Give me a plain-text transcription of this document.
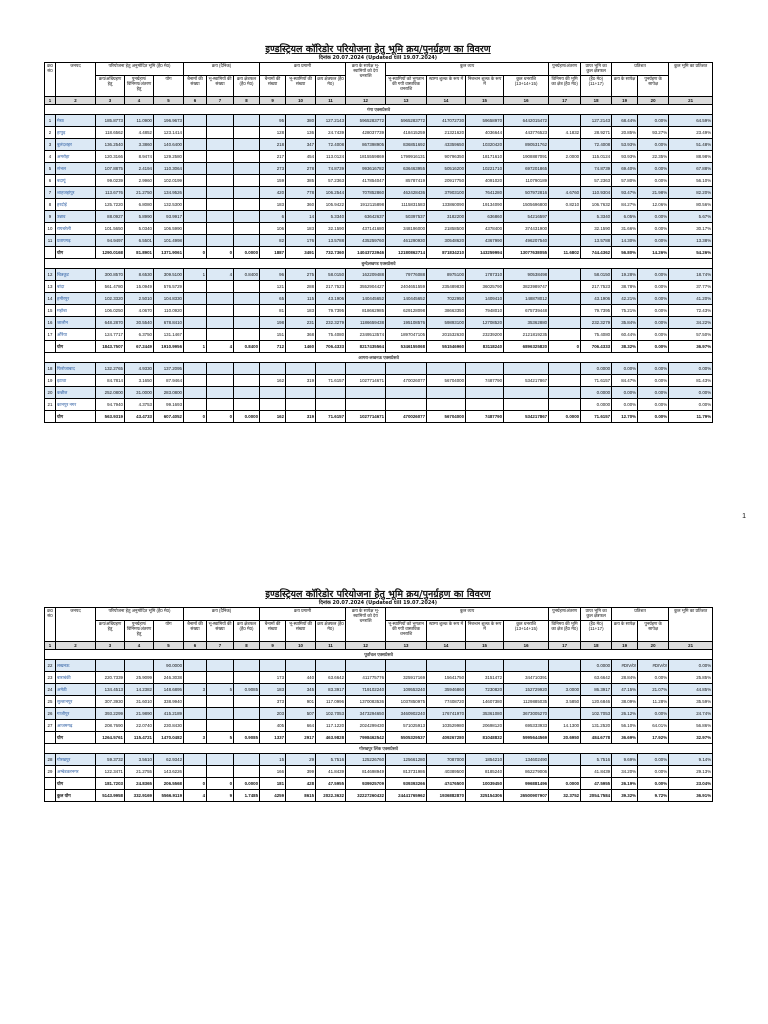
इण्डस्ट्रियल कॉरिडोर परियोजना हेतु भूमि क्रय/पुनर्ग्रहण का विवरण
दिनांक 20.07.2024 (Updated till 19.07.2024)
क्र0 सं0	जनपद	परियोजना हेतु अनुमोदित भूमि (है0 मे0)			क्रय (दैनिक)			क्रय प्रगामी			क्रय के सापेक्ष भू-स्वामियों को देय धनराशि	कुल व्यय				पुनर्ग्रहण/अंतरण	प्राप्त भूमि का कुल क्षेत्रफल	प्रतिशत		कुल भूमि का प्रतिशत
		क्रय/अधिग्रहण हेतु	पुनर्ग्रहण/विनिमय/अंतरण हेतु	योग	बैनामों की संख्या	भू-स्वामियों की संख्या	क्रय क्षेत्रफल (है0 मे0)	बैनामों की संख्या	भू-स्वामियों की संख्या	क्रय क्षेत्रफल (है0 मे0)		भू-स्वामियों को भुगतान की गयी वास्तविक धनराशि	स्टाम्प शुल्क के रूप में	निबन्धन शुल्क के रूप में	कुल धनराशि (13+14+15)	विनिमय की भूमि का क्षेत्र (है0 मे0)	(है0 मे0) (11+17)	क्रय के सापेक्ष	पुनर्ग्रहण के सापेक्ष	
1	2	3	4	5	6	7	8	9	10	11	12	13	14	15	16	17	18	19	20	21
गंगा एक्सप्रेसवे																				
1	मेरठ	185.8773	11.0900	196.9673				95	380	127.2143	5965283772	5965283772	417072730	59658970	6442015472		127.2143	68.44%	0.00%	64.59%
2	हापुड़	118.6562	4.4852	123.1414				128	136	24.7439	428037739	418415259	21321620	4036644	443776523	4.1832	28.9271	20.85%	93.27%	23.49%
3	बुलंदशहर	136.2540	3.3860	140.6400				218	347	72.4008	867398905	836851692	43359650	10320420	890531762		72.4008	53.93%	0.00%	51.48%
4	अमरोहा	120.3166	8.9474	129.2580				217	454	113.0124	1815559869	1799916131	90796350	18171610	1908887091	2.0000	115.0124	93.93%	22.35%	88.98%
5	संभल	107.8875	2.4194	110.3064				273	278	74.8739	993616782	636463955	50516200	10221710	697201865		74.8739	69.40%	0.00%	67.88%
6	बदायूं	99.0239	2.9960	102.0199				159	385	57.2363	417854047	85787419	20917750	4091020	110790189		57.2363	57.80%	0.00%	56.10%
7	शाहजहांपुर	113.6776	21.2750	134.9526				420	778	106.2544	707852860	462428436	37903100	7641280	507972816	4.6760	110.9304	93.47%	21.98%	82.20%
8	हरदोई	125.7220	6.8080	132.5300				183	360	105.9422	1912115898	1115831583	133860090	19134090	1505696800	0.8210	106.7632	84.27%	12.06%	80.56%
9	उन्नाव	88.0927	5.8990	93.9917				6	14	5.3340	63642637	50397537	3182200	636860	54216597		5.3340	6.05%	0.00%	5.67%
10	रायबरेली	101.5650	5.0340	106.5990				106	183	32.1590	437141680	348196000	21858500	4378400	374431900		32.1590	31.66%	0.00%	30.17%
11	प्रतापगढ़	94.9497	6.5501	101.4998				82	176	13.5788	435259760	461290930	30548620	4367990	496207540		13.5788	14.30%	0.00%	13.38%
	योग	1290.0168	81.8901	1371.9061	0	0	0.0000	1887	3491	732.7360	14043723946	12180862714	871834210	143259994	13077638055	11.6802	744.4362	56.80%	14.26%	54.26%
बुन्देलखण्ड एक्सप्रेसवे																				
12	चित्रकूट	300.8570	8.6530	309.5100	1	4	0.8400	96	275	58.0150	162209488	79776088	8975100	1787310	90538498		58.0150	19.28%	0.00%	18.74%
13	बांदा	561.4780	15.0949	576.5729				121	288	217.7523	3552904427	2404651559	235489830	36025790	3823989747		217.7523	38.78%	0.00%	37.77%
14	हमीरपुर	102.3320	2.5010	104.8330				65	115	43.1906	140445652	140445652	7022950	1409410	148878012		43.1906	42.21%	0.00%	41.20%
15	महोबा	106.0250	4.0670	110.0920				81	183	79.7395	818662985	629128098	38663350	7948010	675739448		79.7395	75.21%	0.00%	72.43%
16	जालौन	648.2870	30.5540	678.8410				198	231	232.3279	1186659438	195108576	59893100	12708520	35362880		232.3279	35.84%	0.00%	34.22%
17	औरैया	124.7717	6.3750	131.1467				151	368	75.4080	2349513574	1897047105	201532630	23239200	2121819235		75.4080	60.44%	0.00%	57.50%
	योग	1843.7507	67.2449	1910.9956	1	4	0.8400	712	1460	706.4333	8217435564	5346155068	551546960	83118240	6896325820	0	706.4333	38.32%	0.00%	36.97%
आगरा-लखनऊ एक्सप्रेसवे																				
18	फिरोजाबाद	132.2765	4.9330	137.2095													0.0000	0.00%	0.00%	0.00%
19	इटावा	84.7814	3.1650	87.9464				162	319	71.6157	1027714671	470026077	56704000	7487790	534217867		71.6157	84.47%	0.00%	81.43%
20	कन्नौज	252.0800	31.0000	283.0800													0.0000	0.00%	0.00%	0.00%
21	कानपुर नगर	94.7940	4.3753	99.1693													0.0000	0.00%	0.00%	0.00%
	योग	563.9319	43.4733	607.4052	0	0	0.0000	162	319	71.6157	1027714671	470026077	56704000	7487790	534217867	0.0000	71.6157	12.70%	0.00%	11.79%
1
इण्डस्ट्रियल कॉरिडोर परियोजना हेतु भूमि क्रय/पुनर्ग्रहण का विवरण
दिनांक 20.07.2024 (Updated till 19.07.2024)
क्र0 सं0	जनपद	परियोजना हेतु अनुमोदित भूमि (है0 मे0)			क्रय (दैनिक)			क्रय प्रगामी			क्रय के सापेक्ष भू-स्वामियों को देय धनराशि	कुल व्यय				पुनर्ग्रहण/अंतरण	प्राप्त भूमि का कुल क्षेत्रफल	प्रतिशत		कुल भूमि का प्रतिशत
		क्रय/अधिग्रहण हेतु	पुनर्ग्रहण/विनिमय/अंतरण हेतु	योग	बैनामों की संख्या	भू-स्वामियों की संख्या	क्रय क्षेत्रफल (है0 मे0)	बैनामों की संख्या	भू-स्वामियों की संख्या	क्रय क्षेत्रफल (है0 मे0)		भू-स्वामियों को भुगतान की गयी वास्तविक धनराशि	स्टाम्प शुल्क के रूप में	निबन्धन शुल्क के रूप में	कुल धनराशि (13+14+15)	विनिमय की भूमि का क्षेत्र (है0 मे0)	(है0 मे0) (11+17)	क्रय के सापेक्ष	पुनर्ग्रहण के सापेक्ष	
1	2	3	4	5	6	7	8	9	10	11	12	13	14	15	16	17	18	19	20	21
पूर्वांचल एक्सप्रेसवे																				
22	लखनऊ			90.0000													0.0000	#DIV/0!	#DIV/0!	0.00%
23	बाराबंकी	220.7339	25.9099	246.3038				173	440	63.6642	411775776	325917169	15641750	3151472	344710391		63.6642	28.84%	0.00%	25.85%
24	अमेठी	134.4513	14.2382	148.6895	3	5	0.9085	183	345	83.3917	719102240	109553240	35946860	7230820	152729920	3.0000	86.3917	47.15%	21.07%	44.85%
25	सुल्तानपुर	307.3930	31.6010	338.9940				373	901	117.0996	1370083536	1037850975	77408720	14607380	1129885035	3.5850	120.6846	38.09%	11.28%	35.59%
26	गाजीपुर	393.2299	21.9890	415.2189				203	507	102.7053	3473294650	3460902240	176741970	35361080	3673005270		102.7053	26.12%	0.00%	24.74%
27	आजमगढ़	208.7690	22.0740	230.8430				405	664	117.1220	2024299430	571025913	103529980	20698120	695333933	14.1300	131.2520	56.10%	64.01%	56.86%
	योग	1264.5761	115.4721	1470.0482	3	5	0.9085	1337	2917	463.9828	7998462542	5505329537	409267280	81048832	5995644569	20.6950	484.6778	36.69%	17.92%	32.97%
गोरखपुर लिंक एक्सप्रेसवे																				
28	गोरखपुर	59.3732	3.5610	62.9342				15	29	5.7516	125226760	125661280	7087000	1854210	134602490		5.7516	9.69%	0.00%	9.14%
29	अम्बेडकरनगर	122.3471	21.2755	143.6226				166	399	41.8439	814698949	813731986	40389500	8185240	862279006		41.8439	34.20%	0.00%	29.13%
	योग	181.7203	24.8365	206.5568	0	0	0.0000	181	428	47.5955	939925709	939393266	47476500	10039450	996881496	0.0000	47.5955	26.19%	0.00%	23.04%
	कुल योग	5143.9958	332.9169	5566.9119	4	9	1.7485	4259	8615	2022.3632	32227260432	24441765962	1936882870	325154306	26500907907	32.3752	2054.7584	39.32%	9.72%	36.91%
